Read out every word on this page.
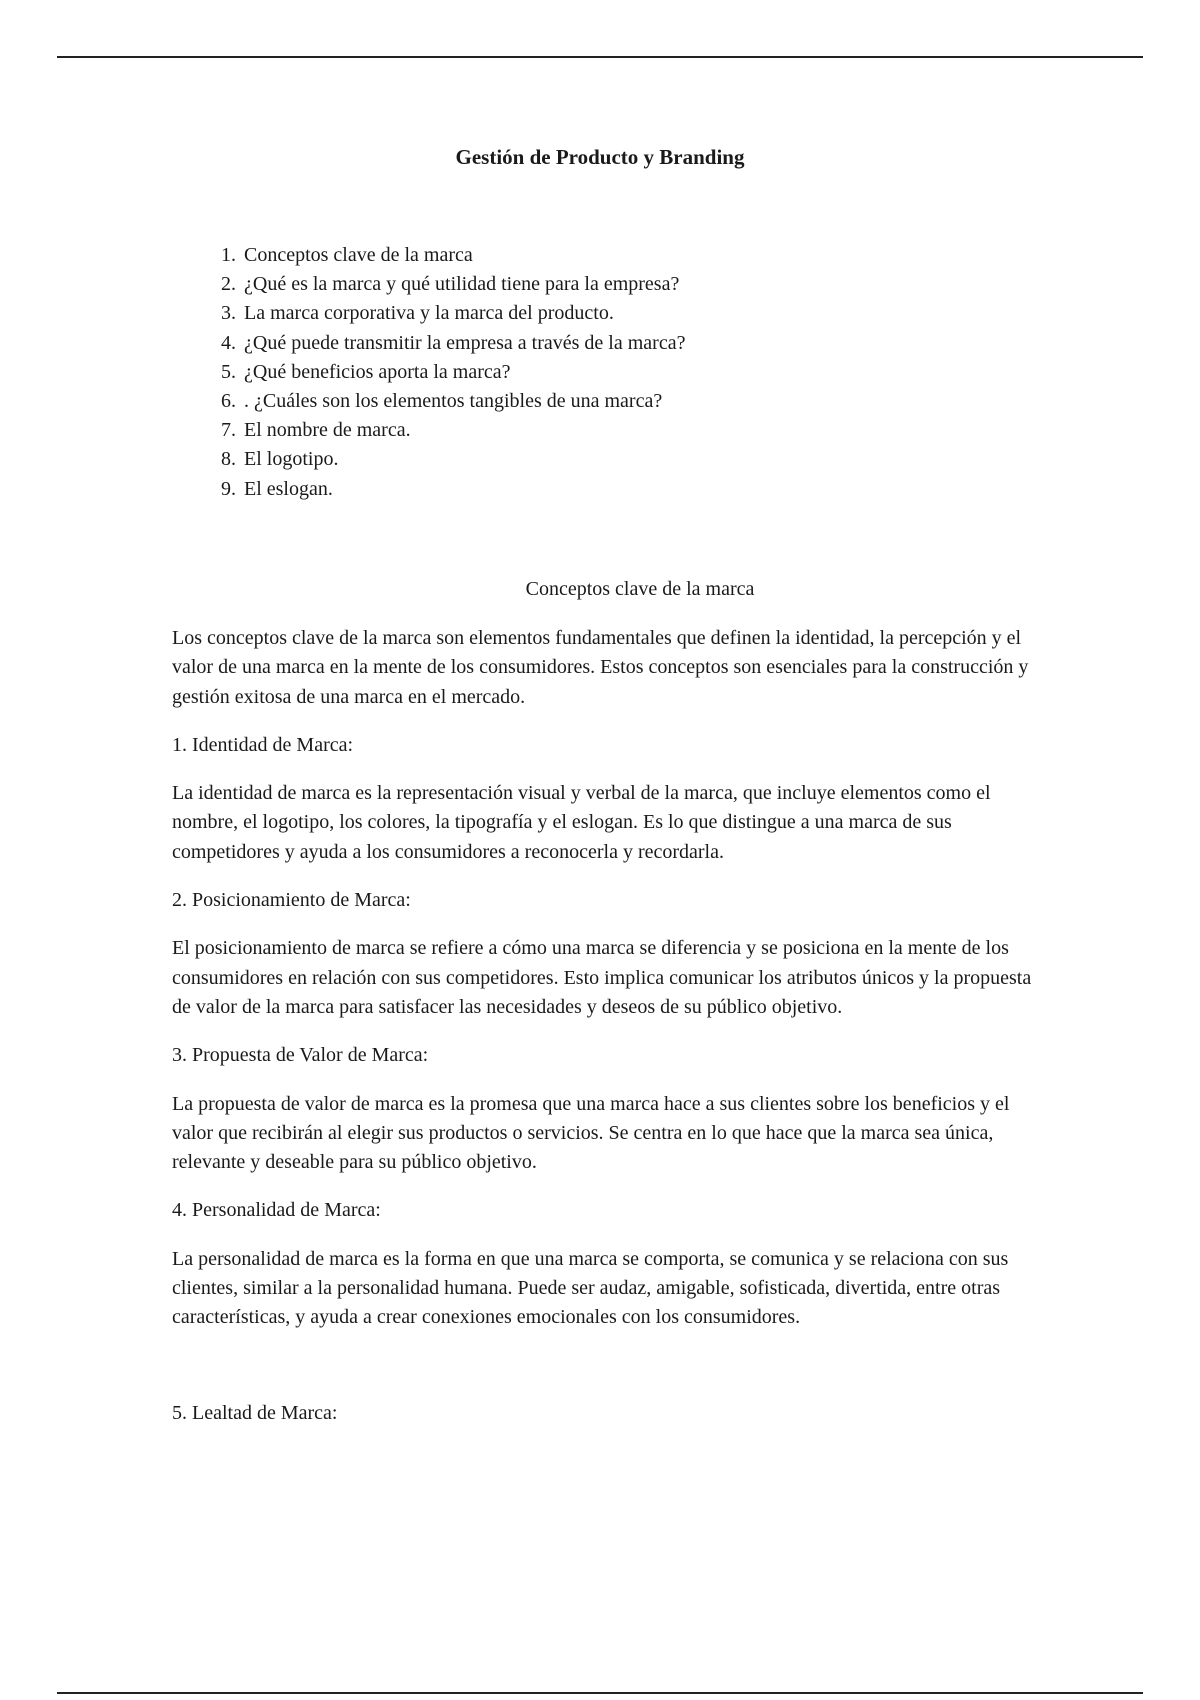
Gestión de Producto y Branding
1. Conceptos clave de la marca
2. ¿Qué es la marca y qué utilidad tiene para la empresa?
3. La marca corporativa y la marca del producto.
4. ¿Qué puede transmitir la empresa a través de la marca?
5. ¿Qué beneficios aporta la marca?
6. . ¿Cuáles son los elementos tangibles de una marca?
7. El nombre de marca.
8. El logotipo.
9. El eslogan.
Conceptos clave de la marca

Los conceptos clave de la marca son elementos fundamentales que definen la identidad, la percepción y el valor de una marca en la mente de los consumidores. Estos conceptos son esenciales para la construcción y gestión exitosa de una marca en el mercado.

1. Identidad de Marca:

La identidad de marca es la representación visual y verbal de la marca, que incluye elementos como el nombre, el logotipo, los colores, la tipografía y el eslogan. Es lo que distingue a una marca de sus competidores y ayuda a los consumidores a reconocerla y recordarla.

2. Posicionamiento de Marca:

El posicionamiento de marca se refiere a cómo una marca se diferencia y se posiciona en la mente de los consumidores en relación con sus competidores. Esto implica comunicar los atributos únicos y la propuesta de valor de la marca para satisfacer las necesidades y deseos de su público objetivo.

3. Propuesta de Valor de Marca:

La propuesta de valor de marca es la promesa que una marca hace a sus clientes sobre los beneficios y el valor que recibirán al elegir sus productos o servicios. Se centra en lo que hace que la marca sea única, relevante y deseable para su público objetivo.

4. Personalidad de Marca:

La personalidad de marca es la forma en que una marca se comporta, se comunica y se relaciona con sus clientes, similar a la personalidad humana. Puede ser audaz, amigable, sofisticada, divertida, entre otras características, y ayuda a crear conexiones emocionales con los consumidores.

5. Lealtad de Marca:
